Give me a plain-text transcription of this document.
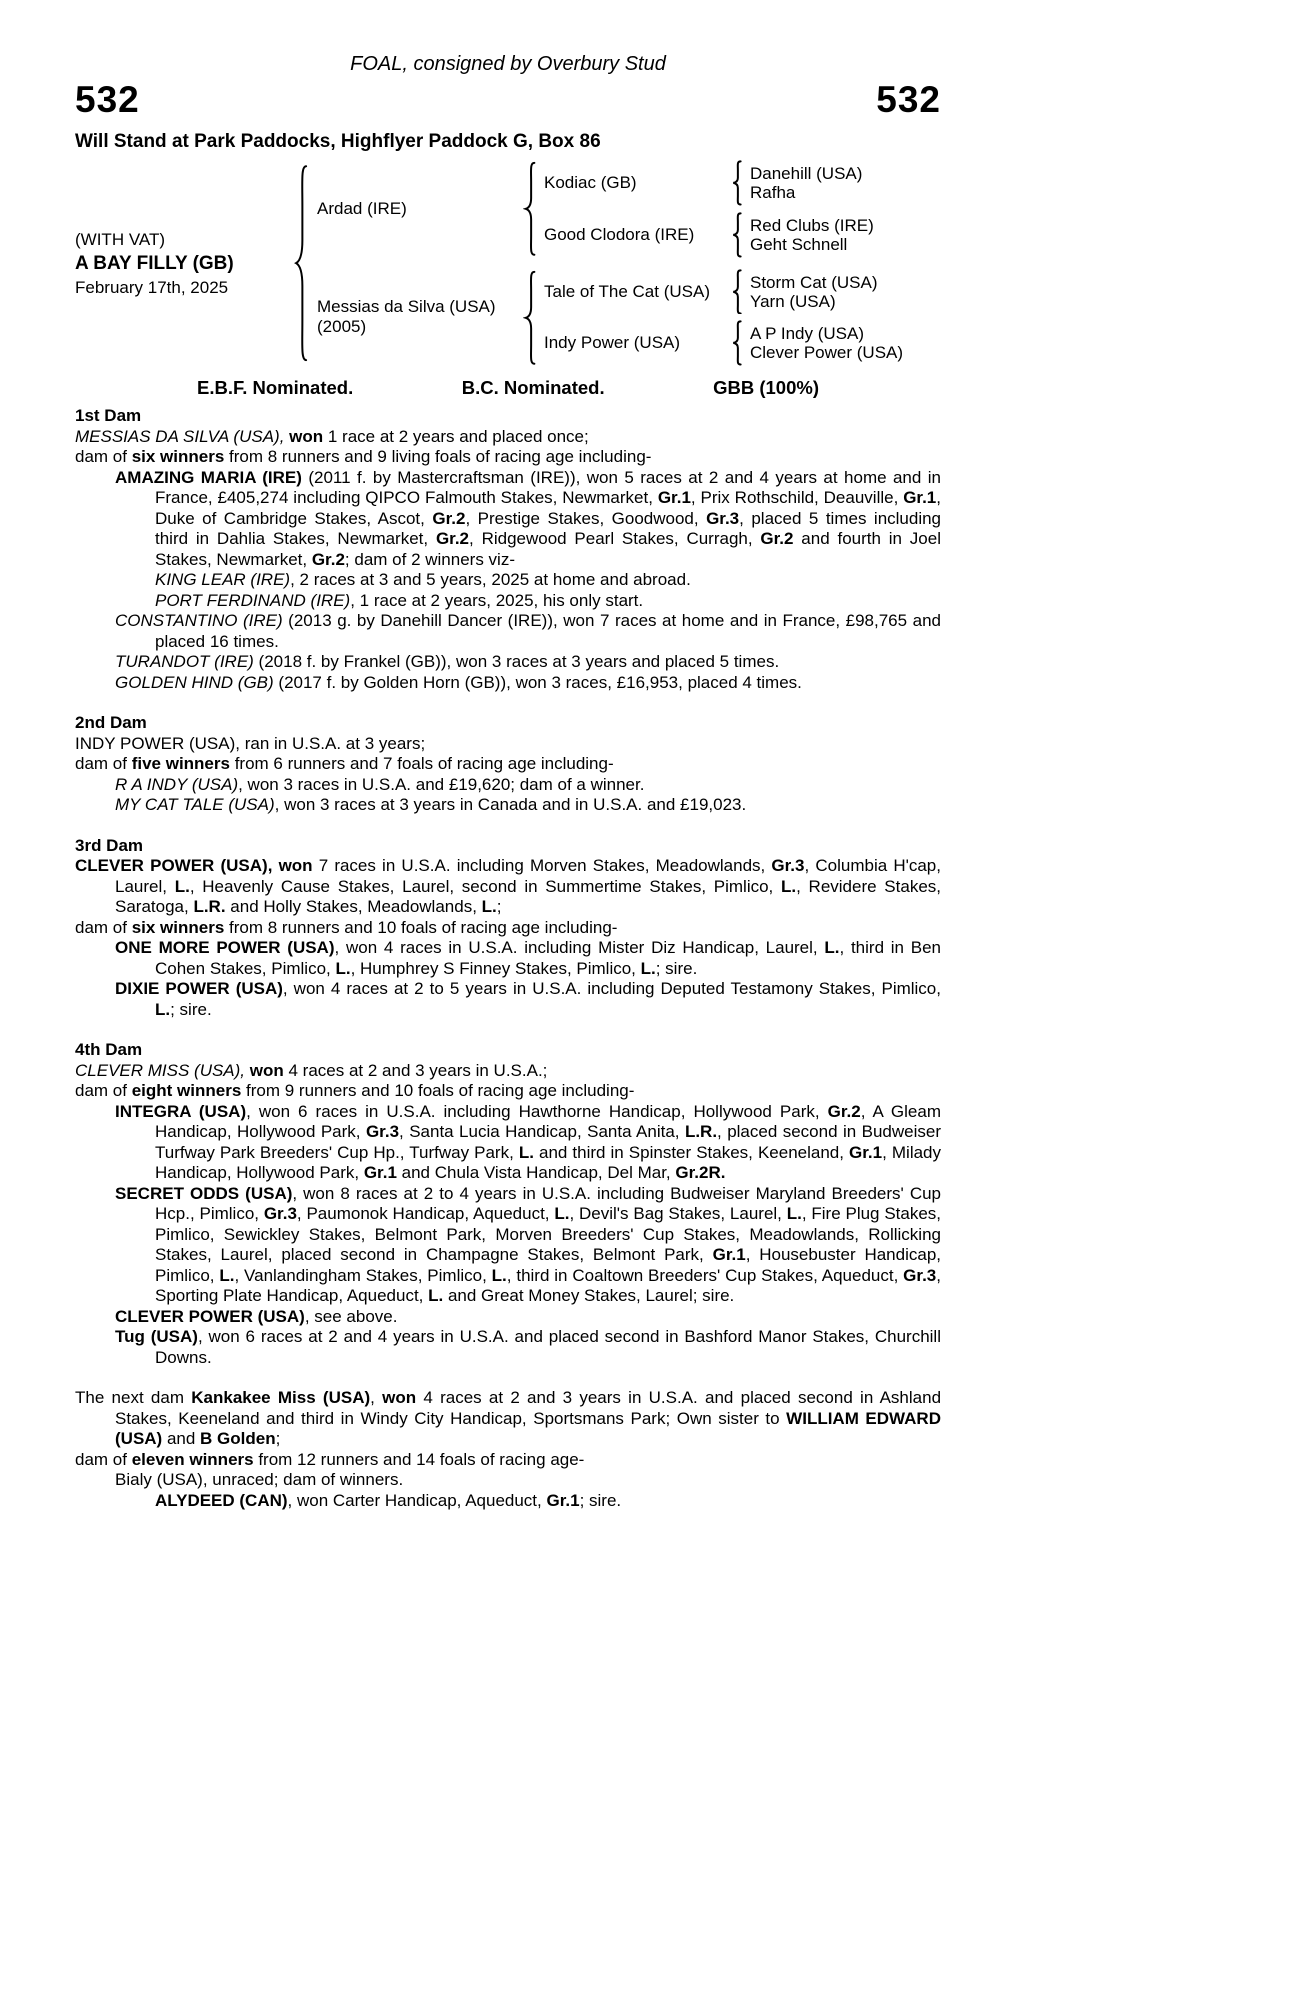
FOAL, consigned by Overbury Stud
532	532
Will Stand at Park Paddocks, Highflyer Paddock G, Box 86
(WITH VAT)
A BAY FILLY (GB)
February 17th, 2025
Ardad (IRE)
Kodiac (GB)	Danehill (USA)
Rafha
Good Clodora (IRE)	Red Clubs (IRE)
Geht Schnell
Messias da Silva (USA)
(2005)
Tale of The Cat (USA)	Storm Cat (USA)
Yarn (USA)
Indy Power (USA)	A P Indy (USA)
Clever Power (USA)
E.B.F. Nominated.	B.C. Nominated.	GBB (100%)
1st Dam

MESSIAS DA SILVA (USA), won 1 race at 2 years and placed once;

dam of six winners from 8 runners and 9 living foals of racing age including-

AMAZING MARIA (IRE) (2011 f. by Mastercraftsman (IRE)), won 5 races at 2 and 4 years at home and in France, £405,274 including QIPCO Falmouth Stakes, Newmarket, Gr.1, Prix Rothschild, Deauville, Gr.1, Duke of Cambridge Stakes, Ascot, Gr.2, Prestige Stakes, Goodwood, Gr.3, placed 5 times including third in Dahlia Stakes, Newmarket, Gr.2, Ridgewood Pearl Stakes, Curragh, Gr.2 and fourth in Joel Stakes, Newmarket, Gr.2; dam of 2 winners viz-

KING LEAR (IRE), 2 races at 3 and 5 years, 2025 at home and abroad.

PORT FERDINAND (IRE), 1 race at 2 years, 2025, his only start.

CONSTANTINO (IRE) (2013 g. by Danehill Dancer (IRE)), won 7 races at home and in France, £98,765 and placed 16 times.

TURANDOT (IRE) (2018 f. by Frankel (GB)), won 3 races at 3 years and placed 5 times.

GOLDEN HIND (GB) (2017 f. by Golden Horn (GB)), won 3 races, £16,953, placed 4 times.

2nd Dam

INDY POWER (USA), ran in U.S.A. at 3 years;

dam of five winners from 6 runners and 7 foals of racing age including-

R A INDY (USA), won 3 races in U.S.A. and £19,620; dam of a winner.

MY CAT TALE (USA), won 3 races at 3 years in Canada and in U.S.A. and £19,023.

3rd Dam

CLEVER POWER (USA), won 7 races in U.S.A. including Morven Stakes, Meadowlands, Gr.3, Columbia H'cap, Laurel, L., Heavenly Cause Stakes, Laurel, second in Summertime Stakes, Pimlico, L., Revidere Stakes, Saratoga, L.R. and Holly Stakes, Meadowlands, L.;

dam of six winners from 8 runners and 10 foals of racing age including-

ONE MORE POWER (USA), won 4 races in U.S.A. including Mister Diz Handicap, Laurel, L., third in Ben Cohen Stakes, Pimlico, L., Humphrey S Finney Stakes, Pimlico, L.; sire.

DIXIE POWER (USA), won 4 races at 2 to 5 years in U.S.A. including Deputed Testamony Stakes, Pimlico, L.; sire.

4th Dam

CLEVER MISS (USA), won 4 races at 2 and 3 years in U.S.A.;

dam of eight winners from 9 runners and 10 foals of racing age including-

INTEGRA (USA), won 6 races in U.S.A. including Hawthorne Handicap, Hollywood Park, Gr.2, A Gleam Handicap, Hollywood Park, Gr.3, Santa Lucia Handicap, Santa Anita, L.R., placed second in Budweiser Turfway Park Breeders' Cup Hp., Turfway Park, L. and third in Spinster Stakes, Keeneland, Gr.1, Milady Handicap, Hollywood Park, Gr.1 and Chula Vista Handicap, Del Mar, Gr.2R.

SECRET ODDS (USA), won 8 races at 2 to 4 years in U.S.A. including Budweiser Maryland Breeders' Cup Hcp., Pimlico, Gr.3, Paumonok Handicap, Aqueduct, L., Devil's Bag Stakes, Laurel, L., Fire Plug Stakes, Pimlico, Sewickley Stakes, Belmont Park, Morven Breeders' Cup Stakes, Meadowlands, Rollicking Stakes, Laurel, placed second in Champagne Stakes, Belmont Park, Gr.1, Housebuster Handicap, Pimlico, L., Vanlandingham Stakes, Pimlico, L., third in Coaltown Breeders' Cup Stakes, Aqueduct, Gr.3, Sporting Plate Handicap, Aqueduct, L. and Great Money Stakes, Laurel; sire.

CLEVER POWER (USA), see above.

Tug (USA), won 6 races at 2 and 4 years in U.S.A. and placed second in Bashford Manor Stakes, Churchill Downs.

The next dam Kankakee Miss (USA), won 4 races at 2 and 3 years in U.S.A. and placed second in Ashland Stakes, Keeneland and third in Windy City Handicap, Sportsmans Park; Own sister to WILLIAM EDWARD (USA) and B Golden;

dam of eleven winners from 12 runners and 14 foals of racing age-

Bialy (USA), unraced; dam of winners.

ALYDEED (CAN), won Carter Handicap, Aqueduct, Gr.1; sire.
